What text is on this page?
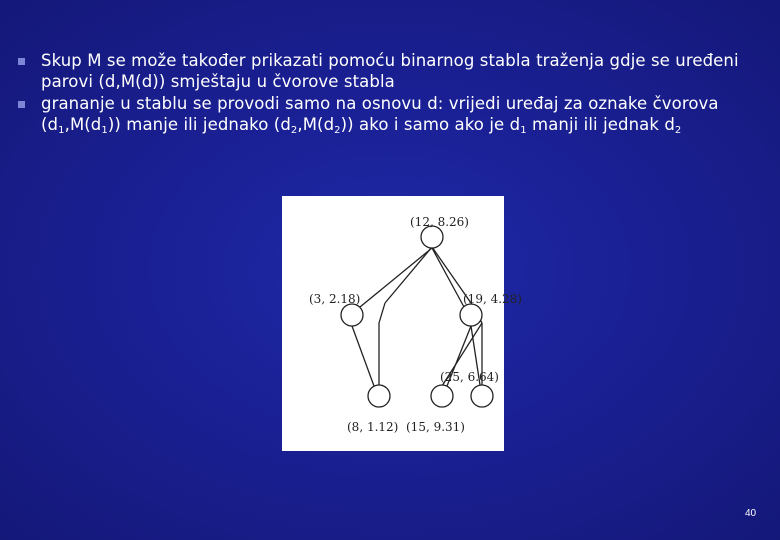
Skup M se može također prikazati pomoću binarnog stabla traženja gdje se uređeni parovi (d,M(d)) smještaju u čvorove stabla
grananje u stablu se provodi samo na osnovu d: vrijedi uređaj za oznake čvorova $(d_1,M(d_1))$ manje ili jednako $(d_2,M(d_2))$ ako i samo ako je $d_1$ manji ili jednak $d_2$
(12, 8.26)
(3, 2.18)	(19, 4.28)
(25, 6.64)
(8, 1.12) (15, 9.31)
40
